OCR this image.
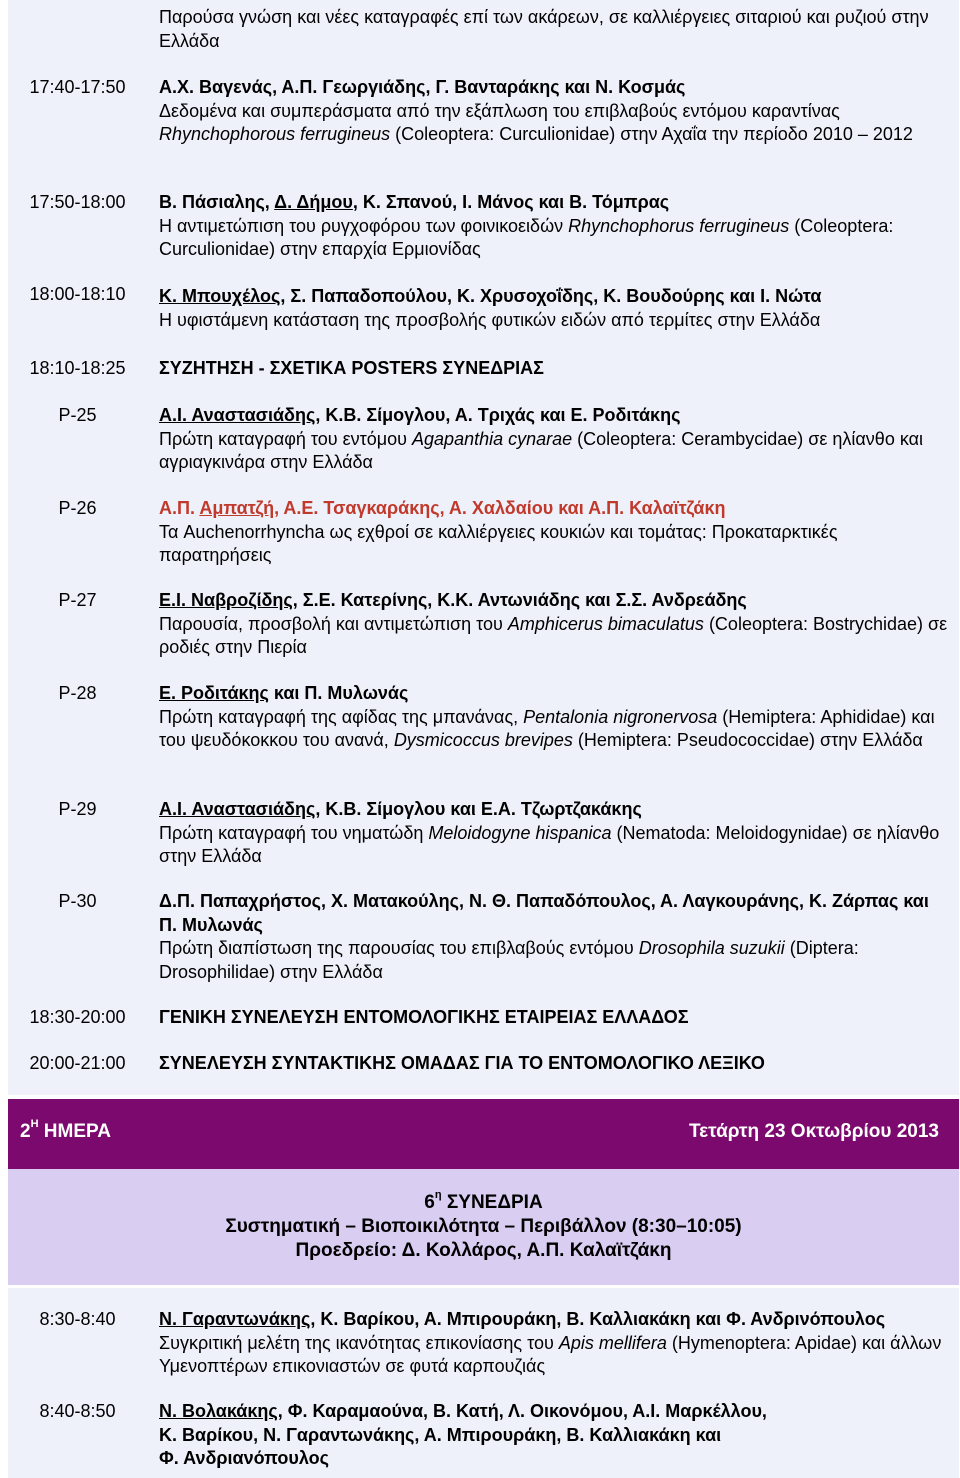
Παρούσα γνώση και νέες καταγραφές επί των ακάρεων, σε καλλιέργειες σιταριού και ρυζιού στην Ελλάδα
17:40-17:50	Α.Χ. Βαγενάς, Α.Π. Γεωργιάδης, Γ. Βανταράκης και Ν. Κοσμάς
Δεδομένα και συμπεράσματα από την εξάπλωση του επιβλαβούς εντόμου καραντίνας Rhynchophorous ferrugineus (Coleoptera: Curculionidae) στην Αχαΐα την περίοδο 2010 – 2012
17:50-18:00	Β. Πάσιαλης, Δ. Δήμου, Κ. Σπανού, Ι. Μάνος και Β. Τόμπρας
Η αντιμετώπιση του ρυγχοφόρου των φοινικοειδών Rhynchophorus ferrugineus (Coleoptera: Curculionidae) στην επαρχία Ερμιονίδας
18:00-18:10	Κ. Μπουχέλος, Σ. Παπαδοπούλου, Κ. Χρυσοχοΐδης, Κ. Βουδούρης και Ι. Νώτα
Η υφιστάμενη κατάσταση της προσβολής φυτικών ειδών από τερμίτες στην Ελλάδα
18:10-18:25	ΣΥΖΗΤΗΣΗ - ΣΧΕΤΙΚΑ POSTERS ΣΥΝΕΔΡΙΑΣ
P-25	Α.Ι. Αναστασιάδης, Κ.Β. Σίμογλου, Α. Τριχάς και Ε. Ροδιτάκης
Πρώτη καταγραφή του εντόμου Agapanthia cynarae (Coleoptera: Cerambycidae) σε ηλίανθο και αγριαγκινάρα στην Ελλάδα
P-26	Α.Π. Αμπατζή, Α.Ε. Τσαγκαράκης, Α. Χαλδαίου και Α.Π. Καλαϊτζάκη
Τα Auchenorrhyncha ως εχθροί σε καλλιέργειες κουκιών και τομάτας: Προκαταρκτικές παρατηρήσεις
P-27	Ε.Ι. Ναβροζίδης, Σ.Ε. Κατερίνης, Κ.Κ. Αντωνιάδης και Σ.Σ. Ανδρεάδης
Παρουσία, προσβολή και αντιμετώπιση του Amphicerus bimaculatus (Coleoptera: Bostrychidae) σε ροδιές στην Πιερία
P-28	Ε. Ροδιτάκης και Π. Μυλωνάς
Πρώτη καταγραφή της αφίδας της μπανάνας, Pentalonia nigronervosa (Hemiptera: Aphididae) και του ψευδόκοκκου του ανανά, Dysmicoccus brevipes (Hemiptera: Pseudococcidae) στην Ελλάδα
P-29	Α.Ι. Αναστασιάδης, Κ.Β. Σίμογλου και Ε.Α. Τζωρτζακάκης
Πρώτη καταγραφή του νηματώδη Meloidogyne hispanica (Nematoda: Meloidogynidae) σε ηλίανθο στην Ελλάδα
P-30	Δ.Π. Παπαχρήστος, Χ. Ματακούλης, Ν. Θ. Παπαδόπουλος, Α. Λαγκουράνης, Κ. Ζάρπας και Π. Μυλωνάς
Πρώτη διαπίστωση της παρουσίας του επιβλαβούς εντόμου Drosophila suzukii (Diptera: Drosophilidae) στην Ελλάδα
18:30-20:00	ΓΕΝΙΚΗ ΣΥΝΕΛΕΥΣΗ ΕΝΤΟΜΟΛΟΓΙΚΗΣ ΕΤΑΙΡΕΙΑΣ ΕΛΛΑΔΟΣ
20:00-21:00	ΣΥΝΕΛΕΥΣΗ ΣΥΝΤΑΚΤΙΚΗΣ ΟΜΑΔΑΣ ΓΙΑ ΤΟ ΕΝΤΟΜΟΛΟΓΙΚΟ ΛΕΞΙΚΟ
$2^H$ ΗΜΕΡΑ	Τετάρτη 23 Οκτωβρίου 2013
$6^\eta$ ΣΥΝΕΔΡΙΑ
Συστηματική – Βιοποικιλότητα – Περιβάλλον (8:30–10:05)
Προεδρείο: Δ. Κολλάρος, Α.Π. Καλαϊτζάκη
8:30-8:40	Ν. Γαραντωνάκης, Κ. Βαρίκου, Α. Μπιρουράκη, Β. Καλλιακάκη και Φ. Ανδρινόπουλος
Συγκριτική μελέτη της ικανότητας επικονίασης του Apis mellifera (Hymenoptera: Apidae) και άλλων Υμενοπτέρων επικονιαστών σε φυτά καρπουζιάς
8:40-8:50	Ν. Βολακάκης, Φ. Καραμαούνα, Β. Κατή, Λ. Οικονόμου, Α.Ι. Μαρκέλλου,
Κ. Βαρίκου, Ν. Γαραντωνάκης, Α. Μπιρουράκη, Β. Καλλιακάκη και
Φ. Ανδριανόπουλος
